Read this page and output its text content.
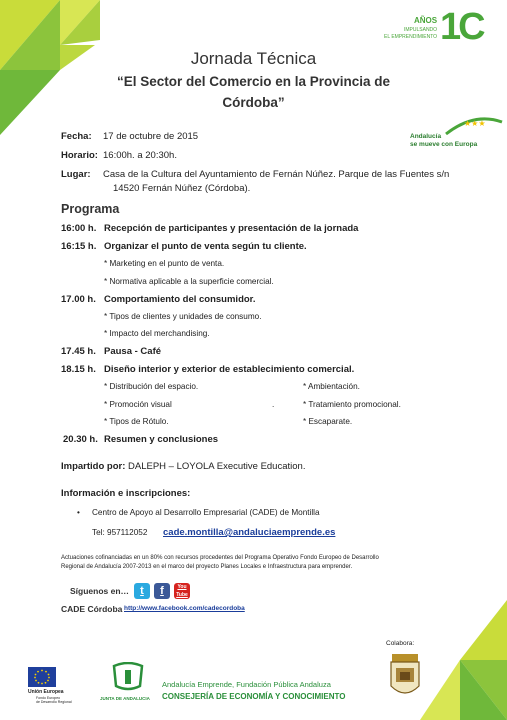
AÑOS
IMPULSANDO
EL EMPRENDIMIENTO 1C
Jornada Técnica
“El Sector del Comercio en la Provincia de
Córdoba”
★★★
Andalucía
se mueve con Europa
Fecha: 17 de octubre de 2015
Horario: 16:00h. a 20:30h.
Lugar: Casa de la Cultura del Ayuntamiento de Fernán Núñez. Parque de las Fuentes s/n
14520 Fernán Núñez (Córdoba).
Programa
16:00 h. Recepción de participantes y presentación de la jornada
16:15 h. Organizar el punto de venta según tu cliente.
* Marketing en el punto de venta.
* Normativa aplicable a la superficie comercial.
17.00 h. Comportamiento del consumidor.
* Tipos de clientes y unidades de consumo.
* Impacto del merchandising.
17.45 h. Pausa - Café
18.15 h. Diseño interior y exterior de establecimiento comercial.
* Distribución del espacio.	* Ambientación.
* Promoción visual	.	* Tratamiento promocional.
* Tipos de Rótulo.	* Escaparate.
20.30 h. Resumen y conclusiones
Impartido por: DALEPH – LOYOLA Executive Education.
Información e inscripciones:
• Centro de Apoyo al Desarrollo Empresarial (CADE) de Montilla
Tel: 957112052 cade.montilla@andaluciaemprende.es
Actuaciones cofinanciadas en un 80% con recursos procedentes del Programa Operativo Fondo Europeo de Desarrollo
Regional de Andalucía 2007-2013 en el marco del proyecto Planes Locales e Infraestructura para emprender.
Síguenos en…	t	f	You Tube
CADE Córdoba http://www.facebook.com/cadecordoba
Unión Europea
Fondo Europeo
de Desarrollo Regional
JUNTA DE ANDALUCIA
Andalucía Emprende, Fundación Pública Andaluza
CONSEJERÍA DE ECONOMÍA Y CONOCIMIENTO
Colabora:
